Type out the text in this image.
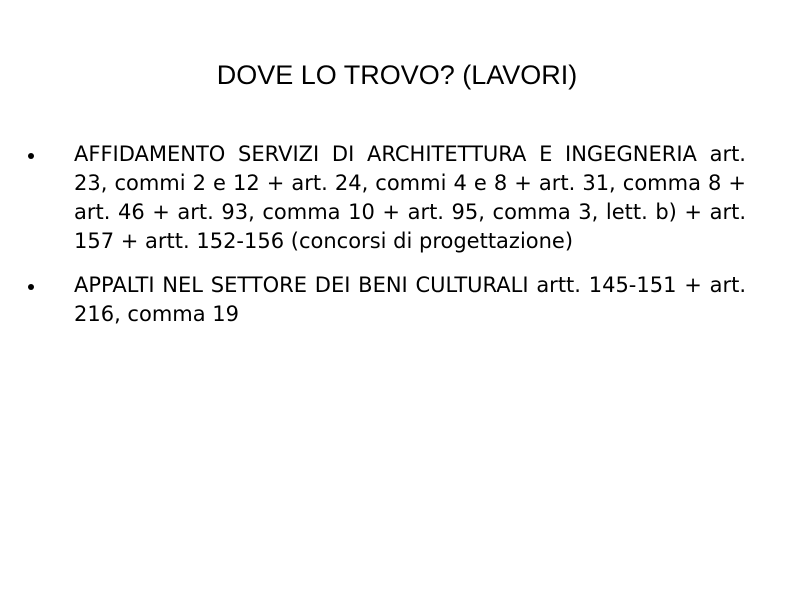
DOVE LO TROVO? (LAVORI)
AFFIDAMENTO SERVIZI DI ARCHITETTURA E INGEGNERIA art. 23, commi 2 e 12 + art. 24, commi 4 e 8 + art. 31, comma 8 + art. 46 + art. 93, comma 10 + art. 95, comma 3, lett. b) + art. 157 + artt. 152-156 (concorsi di progettazione)
APPALTI NEL SETTORE DEI BENI CULTURALI artt. 145-151 + art. 216, comma 19
